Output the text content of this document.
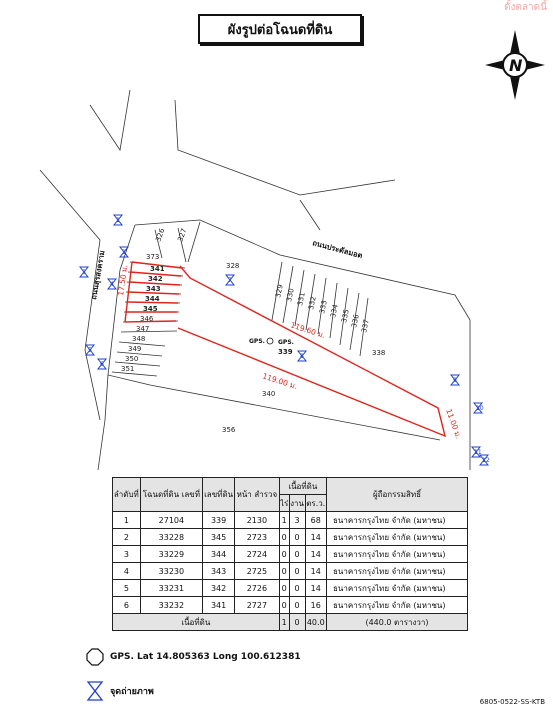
ตั้งตลาดนี้
326 327
373
341
342
343
344
345
346
347
348
349
350
351
328
329 330 331 332 333 334 335 336 337
339	338
340
356
ถนนสุรสงคราม
ถนนประดัลมอต
17.50 ม.
119.00 ม.
11.00 ม.
119.60 ม.
GPS. GPS.
1
2
3
4
5
6
7
8
9
10
11
12
N
ผังรูปต่อโฉนดที่ดิน
ลำดับที่	โฉนดที่ดิน เลขที่	เลขที่ดิน	หน้า สำรวจ	เนื้อที่ดิน			ผู้ถือกรรมสิทธิ์
				ไร่	งาน	ตร.ว.	
1	27104	339	2130	1	3	68	ธนาคารกรุงไทย จำกัด (มหาชน)
2	33228	345	2723	0	0	14	ธนาคารกรุงไทย จำกัด (มหาชน)
3	33229	344	2724	0	0	14	ธนาคารกรุงไทย จำกัด (มหาชน)
4	33230	343	2725	0	0	14	ธนาคารกรุงไทย จำกัด (มหาชน)
5	33231	342	2726	0	0	14	ธนาคารกรุงไทย จำกัด (มหาชน)
6	33232	341	2727	0	0	16	ธนาคารกรุงไทย จำกัด (มหาชน)
เนื้อที่ดิน				1	0	40.0	(440.0 ตารางวา)
GPS. Lat 14.805363 Long 100.612381
จุดถ่ายภาพ
6805-0522-SS-KTB
